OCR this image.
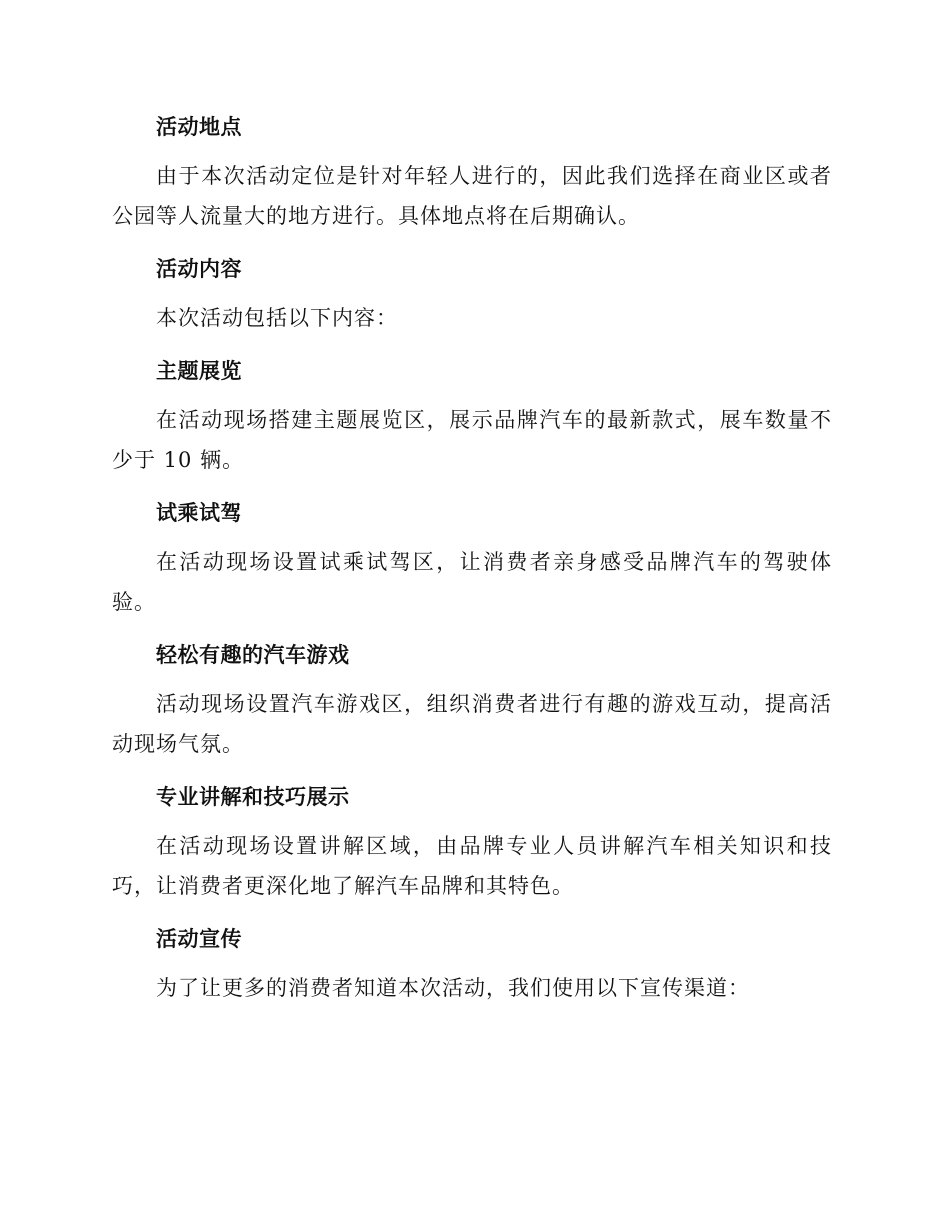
活动地点

由于本次活动定位是针对年轻人进行的，因此我们选择在商业区或者公园等人流量大的地方进行。具体地点将在后期确认。

活动内容

本次活动包括以下内容：

主题展览

在活动现场搭建主题展览区，展示品牌汽车的最新款式，展车数量不少于 10 辆。

试乘试驾

在活动现场设置试乘试驾区，让消费者亲身感受品牌汽车的驾驶体验。

轻松有趣的汽车游戏

活动现场设置汽车游戏区，组织消费者进行有趣的游戏互动，提高活动现场气氛。

专业讲解和技巧展示

在活动现场设置讲解区域，由品牌专业人员讲解汽车相关知识和技巧，让消费者更深化地了解汽车品牌和其特色。

活动宣传

为了让更多的消费者知道本次活动，我们使用以下宣传渠道：
